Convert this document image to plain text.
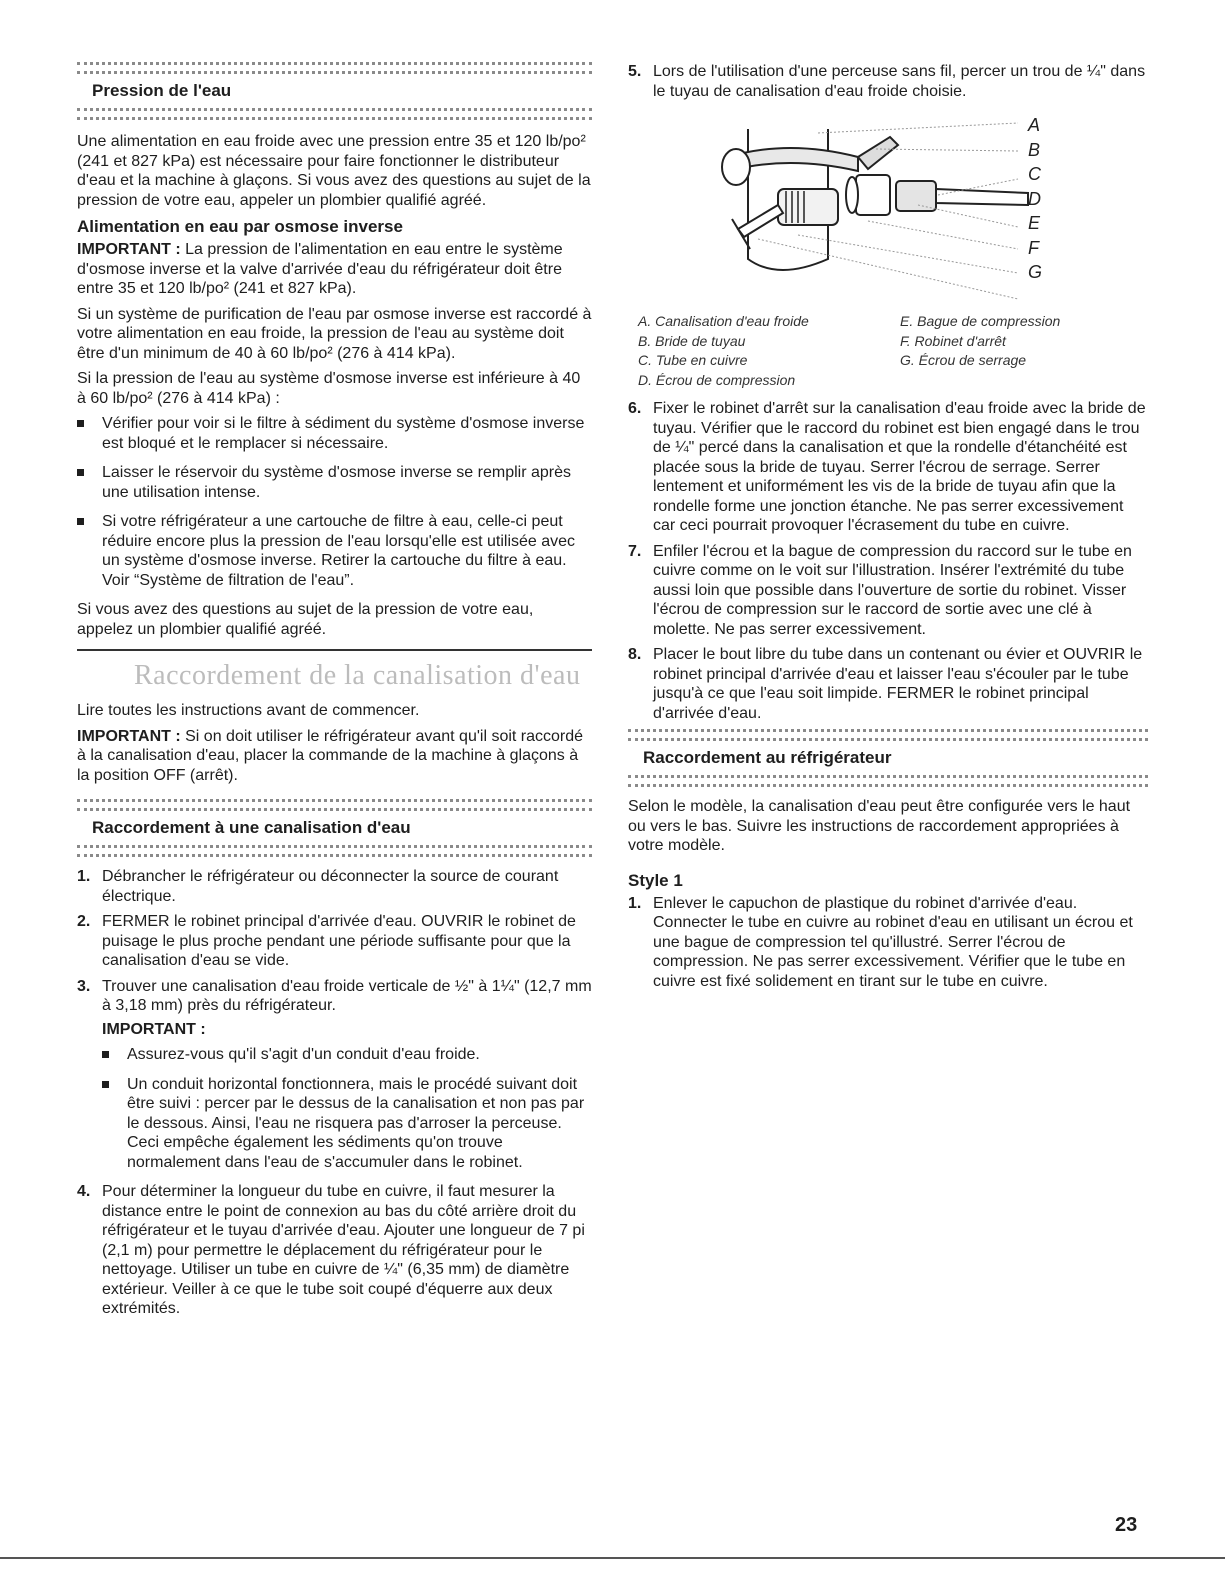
Pression de l'eau

Une alimentation en eau froide avec une pression entre 35 et 120 lb/po² (241 et 827 kPa) est nécessaire pour faire fonctionner le distributeur d'eau et la machine à glaçons. Si vous avez des questions au sujet de la pression de votre eau, appeler un plombier qualifié agréé.

Alimentation en eau par osmose inverse

IMPORTANT : La pression de l'alimentation en eau entre le système d'osmose inverse et la valve d'arrivée d'eau du réfrigérateur doit être entre 35 et 120 lb/po² (241 et 827 kPa).

Si un système de purification de l'eau par osmose inverse est raccordé à votre alimentation en eau froide, la pression de l'eau au système doit être d'un minimum de 40 à 60 lb/po² (276 à 414 kPa).

Si la pression de l'eau au système d'osmose inverse est inférieure à 40 à 60 lb/po² (276 à 414 kPa) :

Vérifier pour voir si le filtre à sédiment du système d'osmose inverse est bloqué et le remplacer si nécessaire.
Laisser le réservoir du système d'osmose inverse se remplir après une utilisation intense.
Si votre réfrigérateur a une cartouche de filtre à eau, celle-ci peut réduire encore plus la pression de l'eau lorsqu'elle est utilisée avec un système d'osmose inverse. Retirer la cartouche du filtre à eau. Voir “Système de filtration de l'eau”.

Si vous avez des questions au sujet de la pression de votre eau, appelez un plombier qualifié agréé.

Raccordement de la canalisation d'eau

Lire toutes les instructions avant de commencer.

IMPORTANT : Si on doit utiliser le réfrigérateur avant qu'il soit raccordé à la canalisation d'eau, placer la commande de la machine à glaçons à la position OFF (arrêt).

Raccordement à une canalisation d'eau
1. Débrancher le réfrigérateur ou déconnecter la source de courant électrique.
2. FERMER le robinet principal d'arrivée d'eau. OUVRIR le robinet de puisage le plus proche pendant une période suffisante pour que la canalisation d'eau se vide.
3. Trouver une canalisation d'eau froide verticale de ½" à 1¼" (12,7 mm à 3,18 mm) près du réfrigérateur.
IMPORTANT :
Assurez-vous qu'il s'agit d'un conduit d'eau froide.
Un conduit horizontal fonctionnera, mais le procédé suivant doit être suivi : percer par le dessus de la canalisation et non pas par le dessous. Ainsi, l'eau ne risquera pas d'arroser la perceuse. Ceci empêche également les sédiments qu'on trouve normalement dans l'eau de s'accumuler dans le robinet.
4. Pour déterminer la longueur du tube en cuivre, il faut mesurer la distance entre le point de connexion au bas du côté arrière droit du réfrigérateur et le tuyau d'arrivée d'eau. Ajouter une longueur de 7 pi (2,1 m) pour permettre le déplacement du réfrigérateur pour le nettoyage. Utiliser un tube en cuivre de ¼" (6,35 mm) de diamètre extérieur. Veiller à ce que le tube soit coupé d'équerre aux deux extrémités.
5. Lors de l'utilisation d'une perceuse sans fil, percer un trou de ¼" dans le tuyau de canalisation d'eau froide choisie.
A
B
C
D
E
F
G
A. Canalisation d'eau froide
B. Bride de tuyau
C. Tube en cuivre
D. Écrou de compression
E. Bague de compression
F. Robinet d'arrêt
G. Écrou de serrage
6. Fixer le robinet d'arrêt sur la canalisation d'eau froide avec la bride de tuyau. Vérifier que le raccord du robinet est bien engagé dans le trou de ¼" percé dans la canalisation et que la rondelle d'étanchéité est placée sous la bride de tuyau. Serrer l'écrou de serrage. Serrer lentement et uniformément les vis de la bride de tuyau afin que la rondelle forme une jonction étanche. Ne pas serrer excessivement car ceci pourrait provoquer l'écrasement du tube en cuivre.
7. Enfiler l'écrou et la bague de compression du raccord sur le tube en cuivre comme on le voit sur l'illustration. Insérer l'extrémité du tube aussi loin que possible dans l'ouverture de sortie du robinet. Visser l'écrou de compression sur le raccord de sortie avec une clé à molette. Ne pas serrer excessivement.
8. Placer le bout libre du tube dans un contenant ou évier et OUVRIR le robinet principal d'arrivée d'eau et laisser l'eau s'écouler par le tube jusqu'à ce que l'eau soit limpide. FERMER le robinet principal d'arrivée d'eau.
Raccordement au réfrigérateur

Selon le modèle, la canalisation d'eau peut être configurée vers le haut ou vers le bas. Suivre les instructions de raccordement appropriées à votre modèle.

Style 1
1. Enlever le capuchon de plastique du robinet d'arrivée d'eau. Connecter le tube en cuivre au robinet d'eau en utilisant un écrou et une bague de compression tel qu'illustré. Serrer l'écrou de compression. Ne pas serrer excessivement. Vérifier que le tube en cuivre est fixé solidement en tirant sur le tube en cuivre.
23
